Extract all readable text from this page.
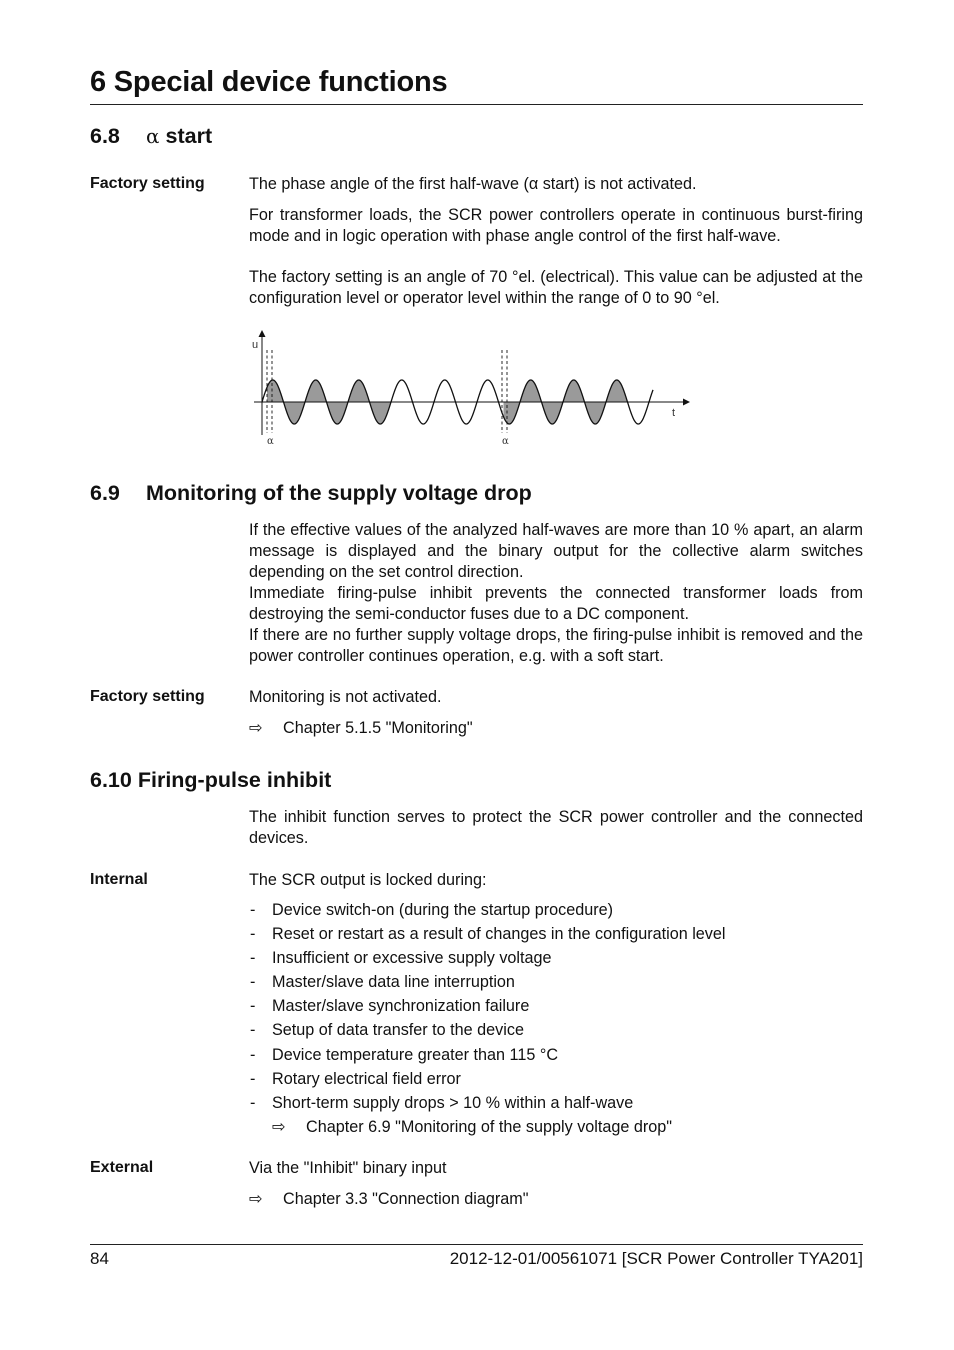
6 Special device functions
6.8 α start
Factory setting	The phase angle of the first half-wave (α start) is not activated.
For transformer loads, the SCR power controllers operate in continuous burst-firing mode and in logic operation with phase angle control of the first half-wave.
The factory setting is an angle of 70 °el. (electrical). This value can be adjusted at the configuration level or operator level within the range of 0 to 90 °el.
u
t
α	α
6.9 Monitoring of the supply voltage drop
If the effective values of the analyzed half-waves are more than 10 % apart, an alarm message is displayed and the binary output for the collective alarm switches depending on the set control direction.
Immediate firing-pulse inhibit prevents the connected transformer loads from destroying the semi-conductor fuses due to a DC component.
If there are no further supply voltage drops, the firing-pulse inhibit is removed and the power controller continues operation, e.g. with a soft start.
Factory setting	Monitoring is not activated.
⇨ Chapter 5.1.5 "Monitoring"
6.10 Firing-pulse inhibit
The inhibit function serves to protect the SCR power controller and the connected devices.
Internal	The SCR output is locked during:
- Device switch-on (during the startup procedure)
- Reset or restart as a result of changes in the configuration level
- Insufficient or excessive supply voltage
- Master/slave data line interruption
- Master/slave synchronization failure
- Setup of data transfer to the device
- Device temperature greater than 115 °C
- Rotary electrical field error
- Short-term supply drops > 10 % within a half-wave
⇨ Chapter 6.9 "Monitoring of the supply voltage drop"
External	Via the "Inhibit" binary input
⇨ Chapter 3.3 "Connection diagram"
84	2012-12-01/00561071 [SCR Power Controller TYA201]
